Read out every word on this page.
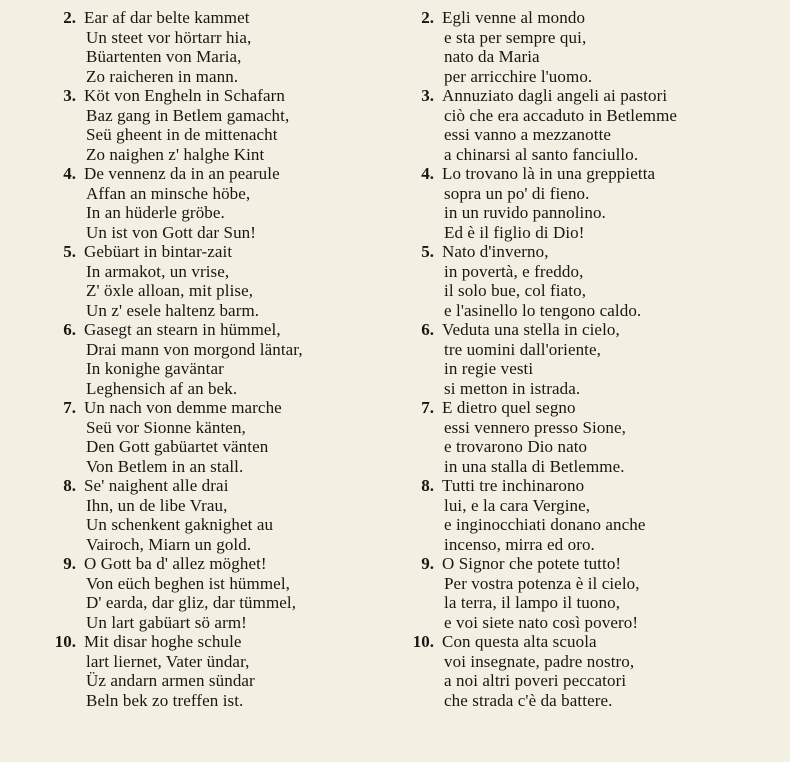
2. Ear af dar belte kammet
Un steet vor hörtarr hia,
Büartenten von Maria,
Zo raicheren in mann.
3. Köt von Engheln in Schafarn
Baz gang in Betlem gamacht,
Seü gheent in de mittenacht
Zo naighen z' halghe Kint
4. De vennenz da in an pearule
Affan an minsche höbe,
In an hüderle gröbe.
Un ist von Gott dar Sun!
5. Gebüart in bintar-zait
In armakot, un vrise,
Z' öxle alloan, mit plise,
Un z' esele haltenz barm.
6. Gasegt an stearn in hümmel,
Drai mann von morgond läntar,
In konighe gaväntar
Leghensich af an bek.
7. Un nach von demme marche
Seü vor Sionne känten,
Den Gott gabüartet vänten
Von Betlem in an stall.
8. Se' naighent alle drai
Ihn, un de libe Vrau,
Un schenkent gaknighet au
Vairoch, Miarn un gold.
9. O Gott ba d' allez möghet!
Von eüch beghen ist hümmel,
D' earda, dar gliz, dar tümmel,
Un lart gabüart sö arm!
10. Mit disar hoghe schule
lart liernet, Vater ündar,
Üz andarn armen sündar
Beln bek zo treffen ist.
2. Egli venne al mondo
e sta per sempre qui,
nato da Maria
per arricchire l'uomo.
3. Annuziato dagli angeli ai pastori
ciò che era accaduto in Betlemme
essi vanno a mezzanotte
a chinarsi al santo fanciullo.
4. Lo trovano là in una greppietta
sopra un po' di fieno.
in un ruvido pannolino.
Ed è il figlio di Dio!
5. Nato d'inverno,
in povertà, e freddo,
il solo bue, col fiato,
e l'asinello lo tengono caldo.
6. Veduta una stella in cielo,
tre uomini dall'oriente,
in regie vesti
si metton in istrada.
7. E dietro quel segno
essi vennero presso Sione,
e trovarono Dio nato
in una stalla di Betlemme.
8. Tutti tre inchinarono
lui, e la cara Vergine,
e inginocchiati donano anche
incenso, mirra ed oro.
9. O Signor che potete tutto!
Per vostra potenza è il cielo,
la terra, il lampo il tuono,
e voi siete nato così povero!
10. Con questa alta scuola
voi insegnate, padre nostro,
a noi altri poveri peccatori
che strada c'è da battere.
